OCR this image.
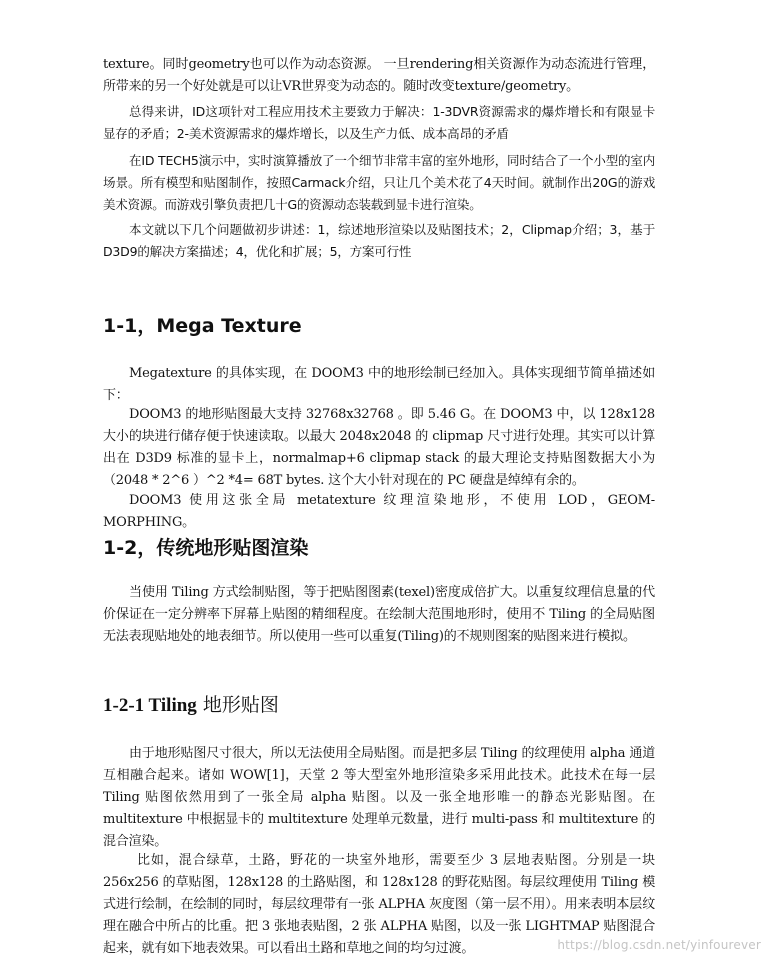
texture。同时geometry也可以作为动态资源。 一旦rendering相关资源作为动态流进行管理，所带来的另一个好处就是可以让VR世界变为动态的。随时改变texture/geometry。

总得来讲，ID这项针对工程应用技术主要致力于解决：1-3DVR资源需求的爆炸增长和有限显卡显存的矛盾；2-美术资源需求的爆炸增长，以及生产力低、成本高昂的矛盾

在ID TECH5演示中，实时演算播放了一个细节非常丰富的室外地形，同时结合了一个小型的室内场景。所有模型和贴图制作，按照Carmack介绍，只让几个美术花了4天时间。就制作出20G的游戏美术资源。而游戏引擎负责把几十G的资源动态装载到显卡进行渲染。

本文就以下几个问题做初步讲述：1，综述地形渲染以及贴图技术；2，Clipmap介绍；3，基于D3D9的解决方案描述；4，优化和扩展；5，方案可行性

1-1，Mega Texture

Megatexture 的具体实现，在 DOOM3 中的地形绘制已经加入。具体实现细节简单描述如下：

DOOM3 的地形贴图最大支持 32768x32768 。即 5.46 G。在 DOOM3 中，以 128x128 大小的块进行储存便于快速读取。以最大 2048x2048 的 clipmap 尺寸进行处理。其实可以计算出在 D3D9 标准的显卡上，normalmap+6 clipmap stack 的最大理论支持贴图数据大小为（2048 * 2^6 ）^2 *4= 68T bytes. 这个大小针对现在的 PC 硬盘是绰绰有余的。

DOOM3 使用这张全局 metatexture 纹理渲染地形，不使用 LOD，GEOM-MORPHING。

1-2，传统地形贴图渲染

当使用 Tiling 方式绘制贴图，等于把贴图图素(texel)密度成倍扩大。以重复纹理信息量的代价保证在一定分辨率下屏幕上贴图的精细程度。在绘制大范围地形时，使用不 Tiling 的全局贴图无法表现贴地处的地表细节。所以使用一些可以重复(Tiling)的不规则图案的贴图来进行模拟。

1-2-1 Tiling 地形贴图

由于地形贴图尺寸很大，所以无法使用全局贴图。而是把多层 Tiling 的纹理使用 alpha 通道互相融合起来。诸如 WOW[1]，天堂 2 等大型室外地形渲染多采用此技术。此技术在每一层 Tiling 贴图依然用到了一张全局 alpha 贴图。以及一张全地形唯一的静态光影贴图。在 multitexture 中根据显卡的 multitexture 处理单元数量，进行 multi-pass 和 multitexture 的混合渲染。

比如，混合绿草，土路，野花的一块室外地形，需要至少 3 层地表贴图。分别是一块 256x256 的草贴图，128x128 的土路贴图，和 128x128 的野花贴图。每层纹理使用 Tiling 模式进行绘制，在绘制的同时，每层纹理带有一张 ALPHA 灰度图（第一层不用）。用来表明本层纹理在融合中所占的比重。把 3 张地表贴图，2 张 ALPHA 贴图，以及一张 LIGHTMAP 贴图混合起来，就有如下地表效果。可以看出土路和草地之间的均匀过渡。	https://blog.csdn.net/yinfourever
